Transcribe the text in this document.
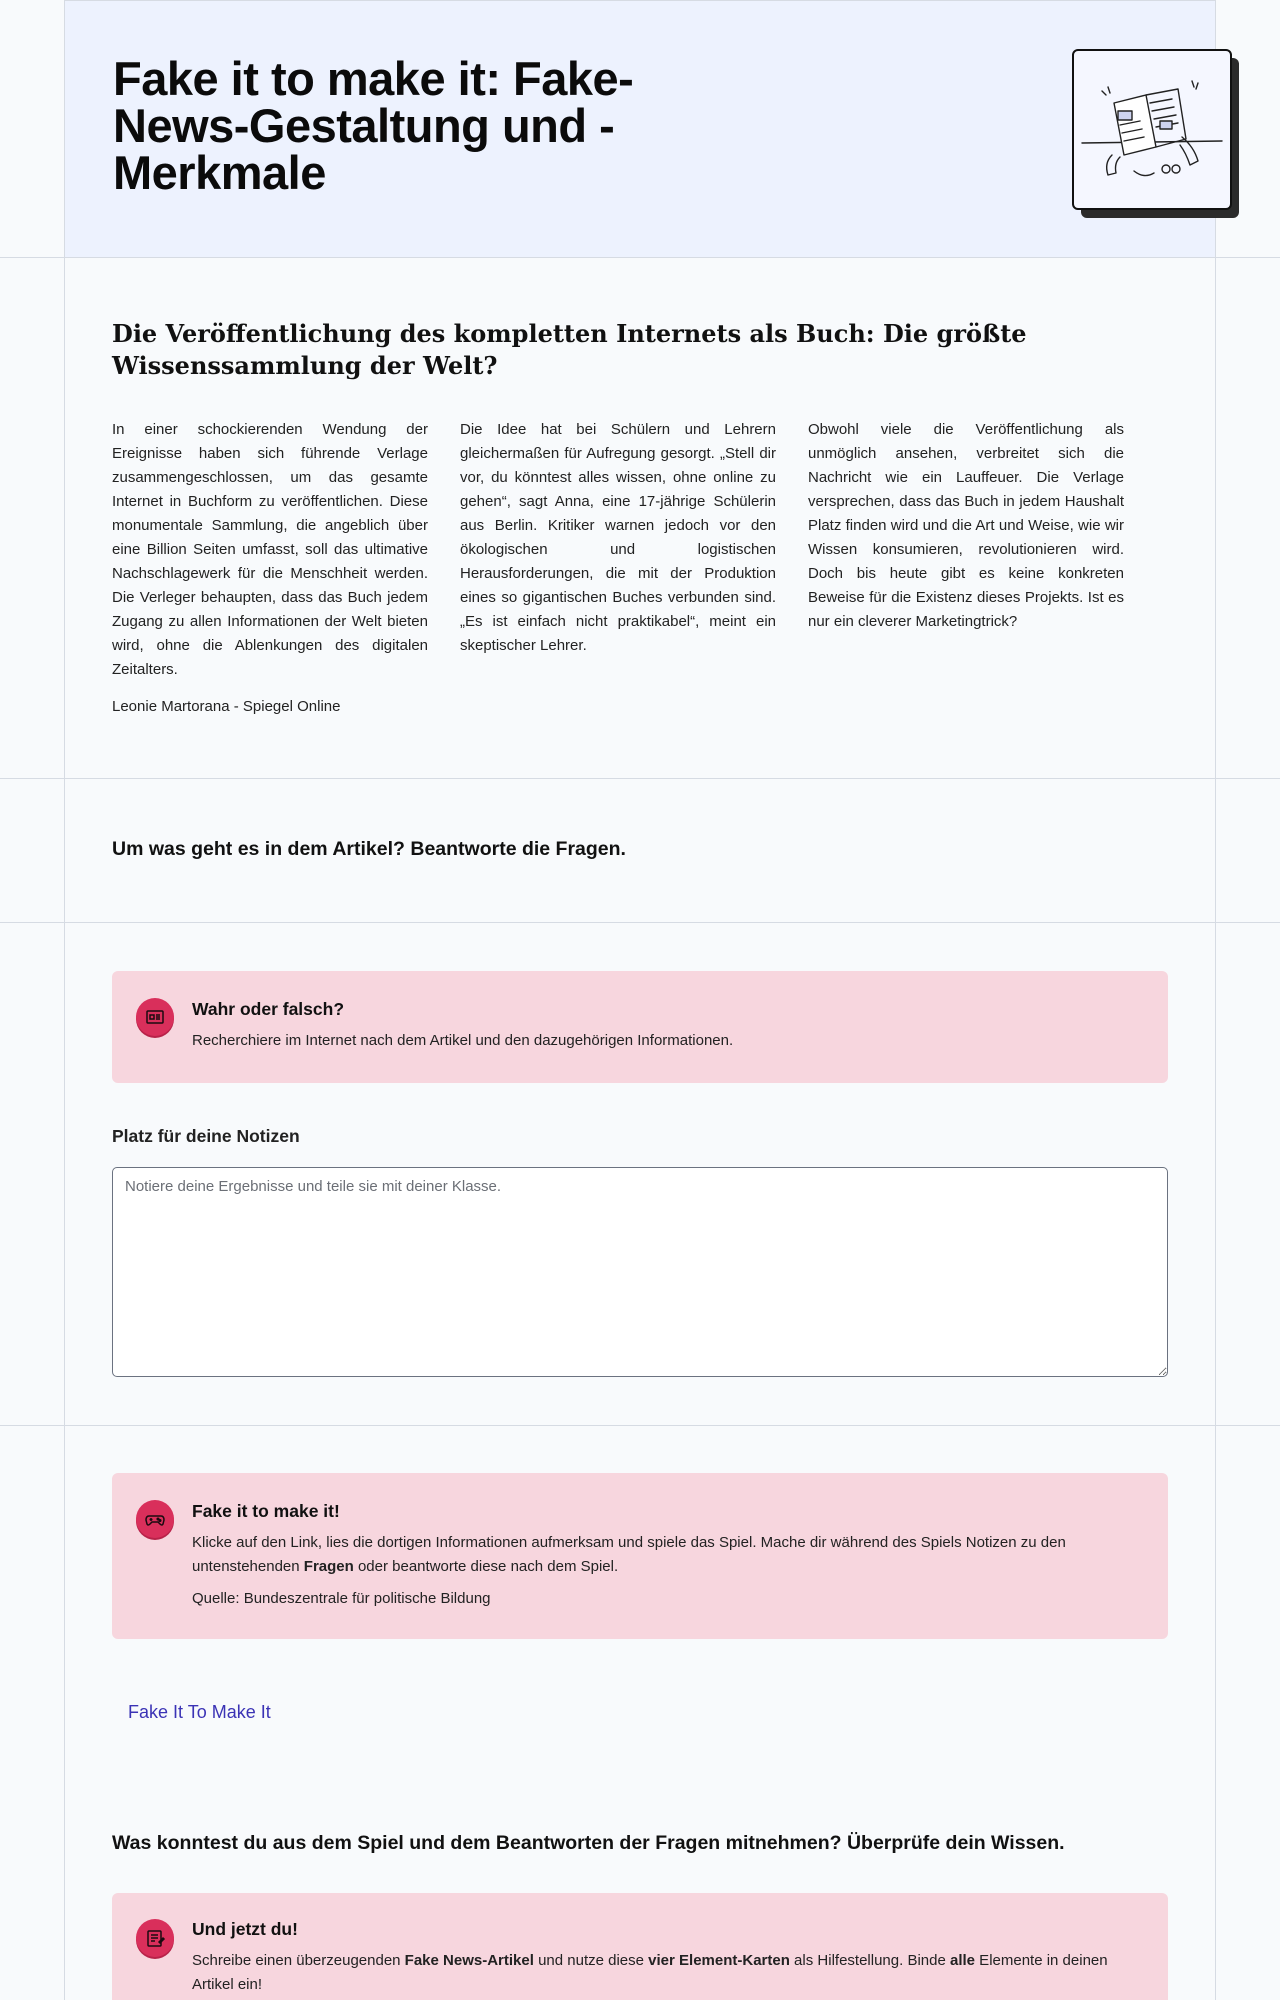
Fake it to make it: Fake-News-Gestaltung und -Merkmale
Die Veröffentlichung des kompletten Internets als Buch: Die größte Wissenssammlung der Welt?

In einer schockierenden Wendung der Ereignisse haben sich führende Verlage zusammengeschlossen, um das gesamte Internet in Buchform zu veröffentlichen. Diese monumentale Sammlung, die angeblich über eine Billion Seiten umfasst, soll das ultimative Nachschlagewerk für die Menschheit werden. Die Verleger behaupten, dass das Buch jedem Zugang zu allen Informationen der Welt bieten wird, ohne die Ablenkungen des digitalen Zeitalters.

Die Idee hat bei Schülern und Lehrern gleichermaßen für Aufregung gesorgt. „Stell dir vor, du könntest alles wissen, ohne online zu gehen“, sagt Anna, eine 17-jährige Schülerin aus Berlin. Kritiker warnen jedoch vor den ökologischen und logistischen Herausforderungen, die mit der Produktion eines so gigantischen Buches verbunden sind. „Es ist einfach nicht praktikabel“, meint ein skeptischer Lehrer.

Obwohl viele die Veröffentlichung als unmöglich ansehen, verbreitet sich die Nachricht wie ein Lauffeuer. Die Verlage versprechen, dass das Buch in jedem Haushalt Platz finden wird und die Art und Weise, wie wir Wissen konsumieren, revolutionieren wird. Doch bis heute gibt es keine konkreten Beweise für die Existenz dieses Projekts. Ist es nur ein cleverer Marketingtrick?

Leonie Martorana - Spiegel Online

Um was geht es in dem Artikel? Beantworte die Fragen.
Wahr oder falsch?
Recherchiere im Internet nach dem Artikel und den dazugehörigen Informationen.
Platz für deine Notizen
Notiere deine Ergebnisse und teile sie mit deiner Klasse.
Fake it to make it!
Klicke auf den Link, lies die dortigen Informationen aufmerksam und spiele das Spiel. Mache dir während des Spiels Notizen zu den untenstehenden Fragen oder beantworte diese nach dem Spiel.
Quelle: Bundeszentrale für politische Bildung
Fake It To Make It
Was konntest du aus dem Spiel und dem Beantworten der Fragen mitnehmen? Überprüfe dein Wissen.
Und jetzt du!
Schreibe einen überzeugenden Fake News-Artikel und nutze diese vier Element-Karten als Hilfestellung. Binde alle Elemente in deinen Artikel ein!
